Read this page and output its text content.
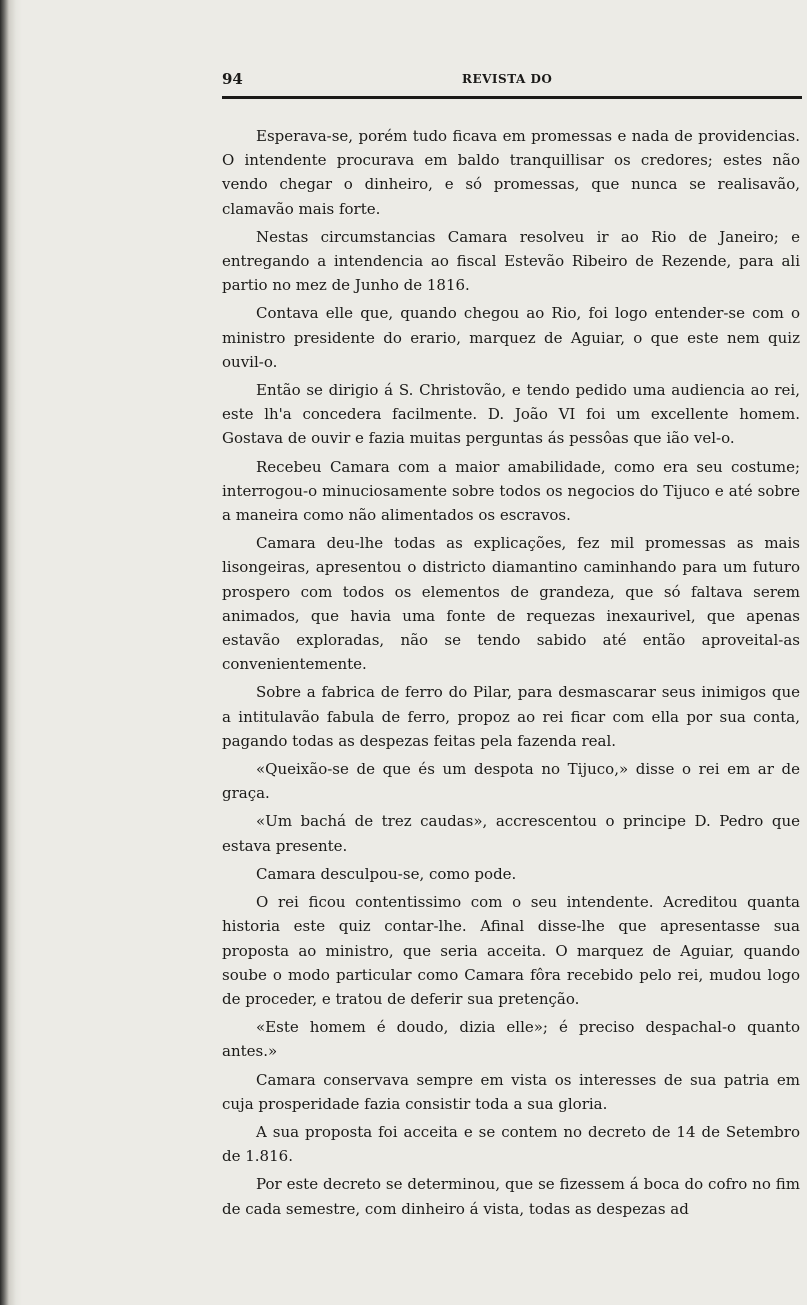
94	REVISTA DO

Esperava-se, porém tudo ficava em promessas e nada de providencias. O intendente procurava em baldo tranquillisar os credores; estes não vendo chegar o dinheiro, e só promessas, que nunca se realisavão, clamavão mais forte.

Nestas circumstancias Camara resolveu ir ao Rio de Janeiro; e entregando a intendencia ao fiscal Estevão Ribeiro de Rezende, para ali partio no mez de Junho de 1816.

Contava elle que, quando chegou ao Rio, foi logo entender-se com o ministro presidente do erario, marquez de Aguiar, o que este nem quiz ouvil-o.

Então se dirigio á S. Christovão, e tendo pedido uma audiencia ao rei, este lh'a concedera facilmente. D. João VI foi um excellente homem. Gostava de ouvir e fazia muitas perguntas ás pessôas que ião vel-o.

Recebeu Camara com a maior amabilidade, como era seu costume; interrogou-o minuciosamente sobre todos os negocios do Tijuco e até sobre a maneira como não alimentados os escravos.

Camara deu-lhe todas as explicações, fez mil promessas as mais lisongeiras, apresentou o districto diamantino caminhando para um futuro prospero com todos os elementos de grandeza, que só faltava serem animados, que havia uma fonte de requezas inexaurivel, que apenas estavão exploradas, não se tendo sabido até então aproveital-as convenientemente.

Sobre a fabrica de ferro do Pilar, para desmascarar seus inimigos que a intitulavão fabula de ferro, propoz ao rei ficar com ella por sua conta, pagando todas as despezas feitas pela fazenda real.

«Queixão-se de que és um despota no Tijuco,» disse o rei em ar de graça.

«Um bachá de trez caudas», accrescentou o principe D. Pedro que estava presente.

Camara desculpou-se, como pode.

O rei ficou contentissimo com o seu intendente. Acreditou quanta historia este quiz contar-lhe. Afinal disse-lhe que apresentasse sua proposta ao ministro, que seria acceita. O marquez de Aguiar, quando soube o modo particular como Camara fôra recebido pelo rei, mudou logo de proceder, e tratou de deferir sua pretenção.

«Este homem é doudo, dizia elle»; é preciso despachal-o quanto antes.»

Camara conservava sempre em vista os interesses de sua patria em cuja prosperidade fazia consistir toda a sua gloria.

A sua proposta foi acceita e se contem no decreto de 14 de Setembro de 1.816.

Por este decreto se determinou, que se fizessem á boca do cofro no fim de cada semestre, com dinheiro á vista, todas as despezas ad
